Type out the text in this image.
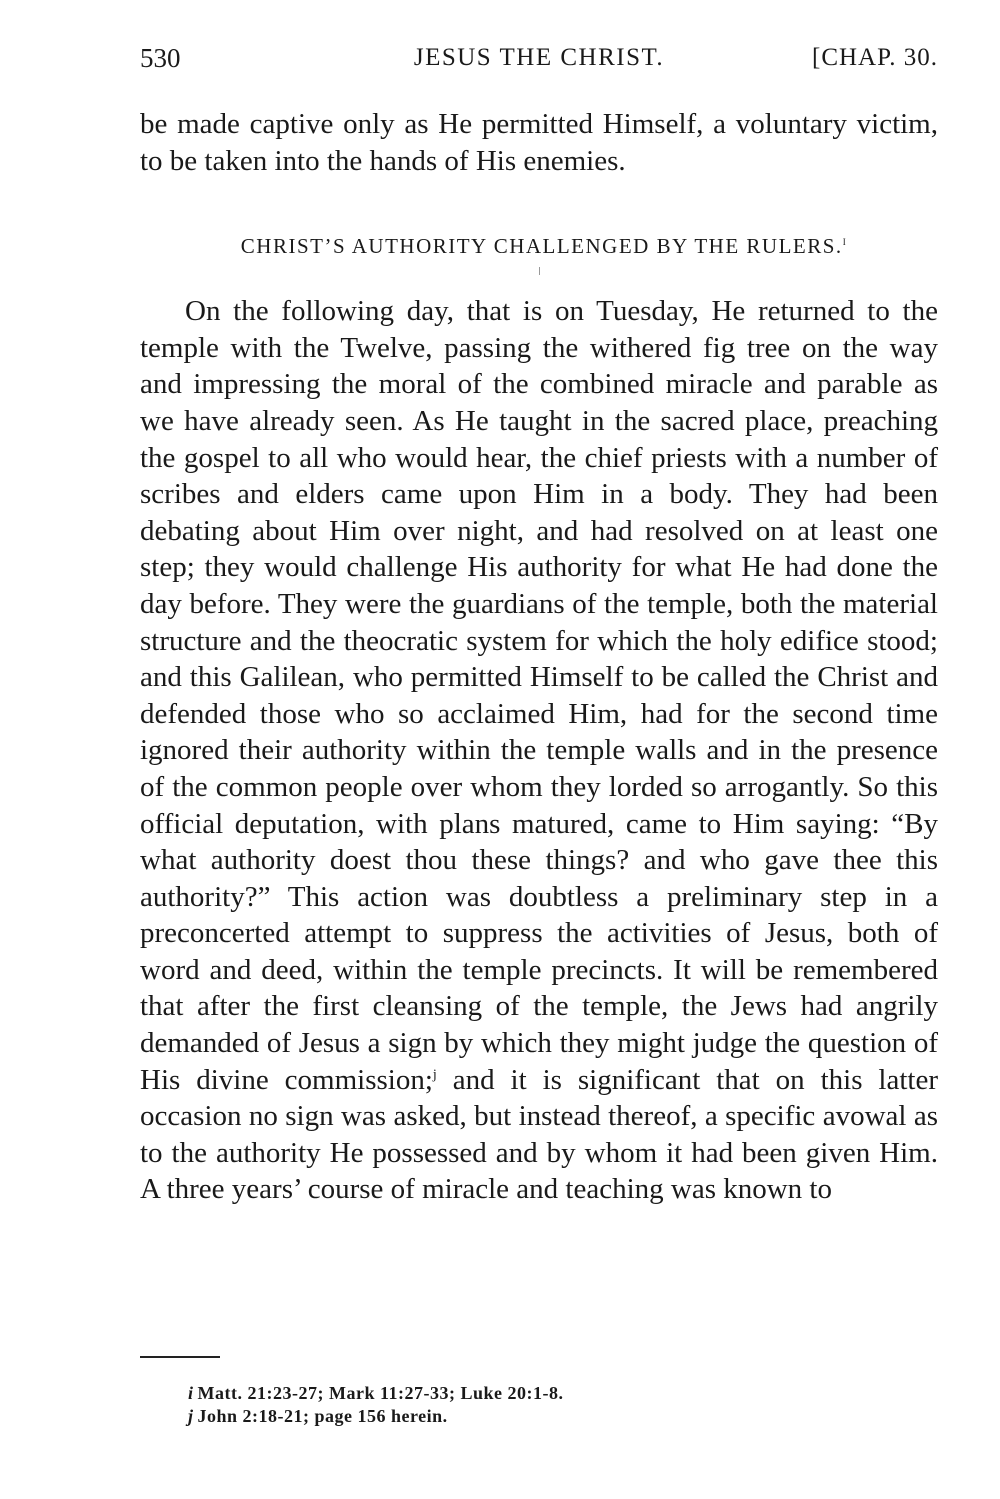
530	JESUS THE CHRIST.	[CHAP. 30.

be made captive only as He permitted Himself, a voluntary victim, to be taken into the hands of His enemies.

CHRIST’S AUTHORITY CHALLENGED BY THE RULERS.$^i$

On the following day, that is on Tuesday, He returned to the temple with the Twelve, passing the withered fig tree on the way and impressing the moral of the combined miracle and parable as we have already seen. As He taught in the sacred place, preaching the gospel to all who would hear, the chief priests with a number of scribes and elders came upon Him in a body. They had been debating about Him over night, and had resolved on at least one step; they would challenge His authority for what He had done the day before. They were the guardians of the temple, both the material structure and the theocratic system for which the holy edifice stood; and this Galilean, who permitted Himself to be called the Christ and defended those who so acclaimed Him, had for the second time ignored their authority within the temple walls and in the presence of the common people over whom they lorded so arrogantly. So this official deputation, with plans matured, came to Him saying: “By what authority doest thou these things? and who gave thee this authority?” This action was doubtless a preliminary step in a preconcerted attempt to suppress the activities of Jesus, both of word and deed, within the temple precincts. It will be remembered that after the first cleansing of the temple, the Jews had angrily demanded of Jesus a sign by which they might judge the question of His divine commission;$^j$ and it is significant that on this latter occasion no sign was asked, but instead thereof, a specific avowal as to the authority He possessed and by whom it had been given Him. A three years’ course of miracle and teaching was known to

i Matt. 21:23-27; Mark 11:27-33; Luke 20:1-8.
j John 2:18-21; page 156 herein.
